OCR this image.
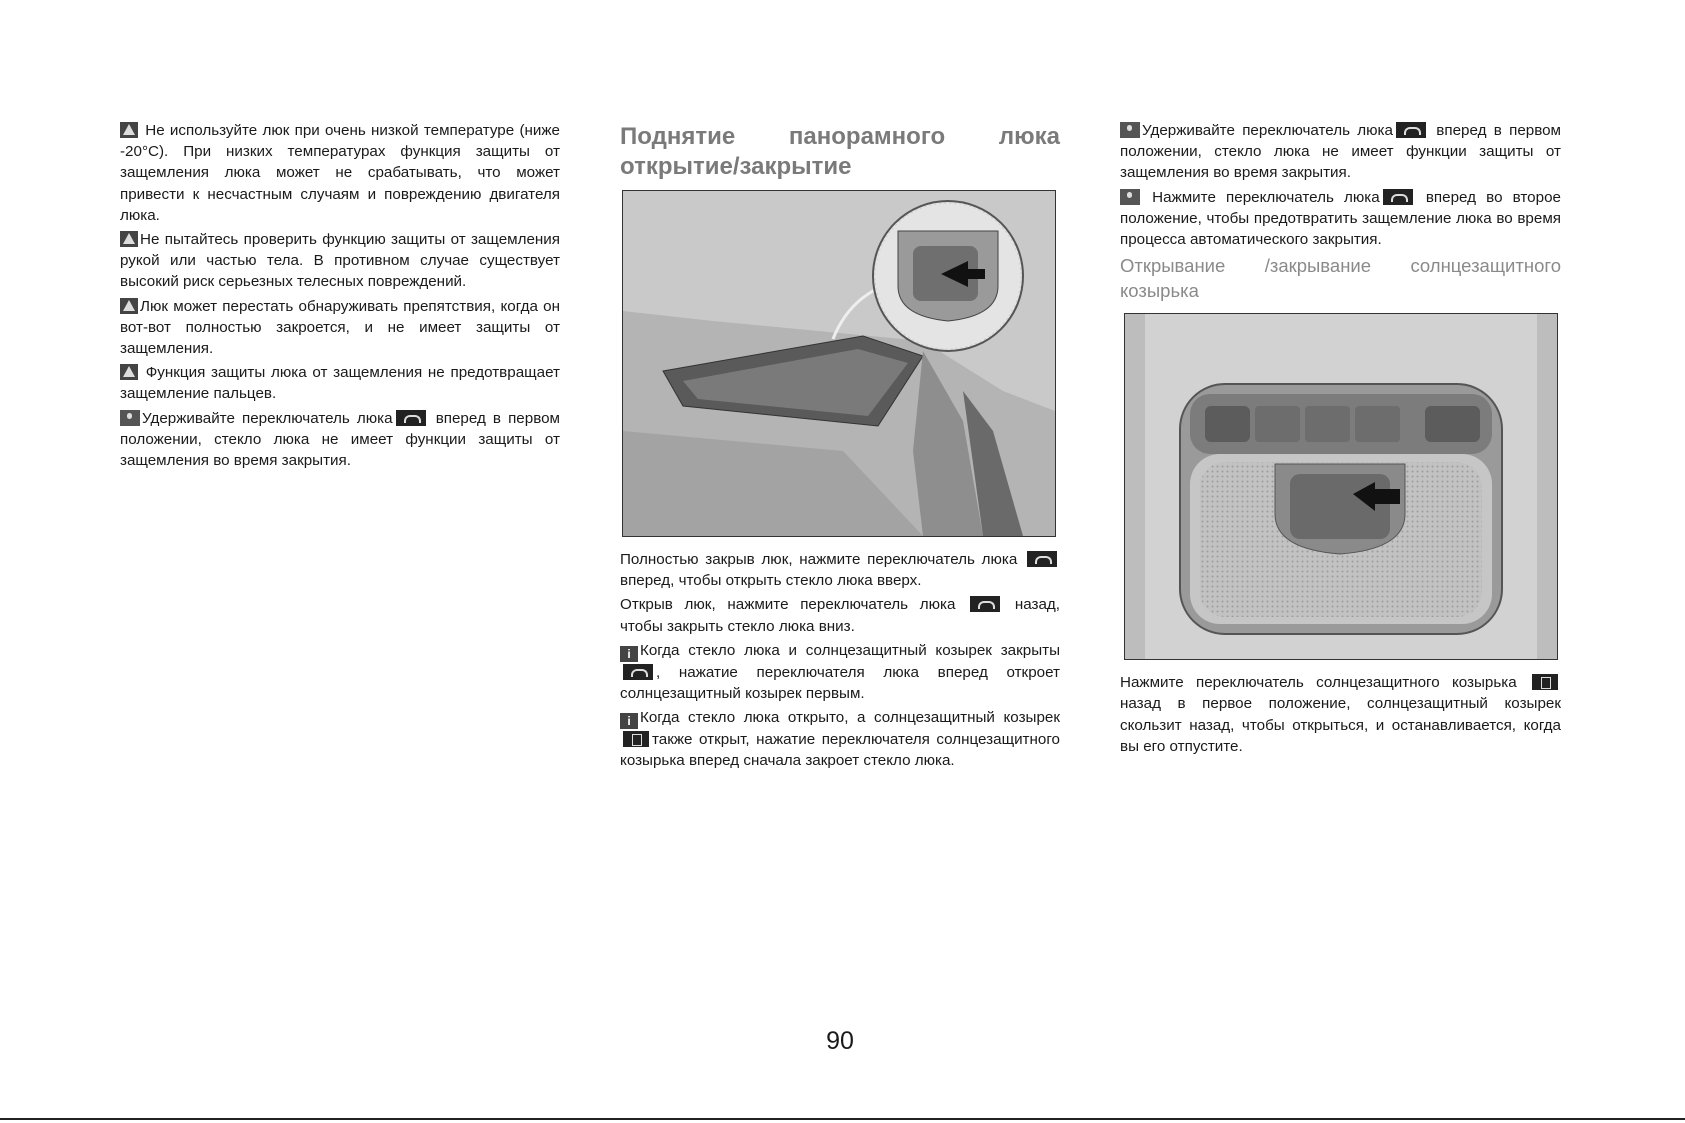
Не используйте люк при очень низкой температуре (ниже -20°C). При низких температурах функция защиты от защемления люка может не срабатывать, что может привести к несчастным случаям и повреждению двигателя люка.

Не пытайтесь проверить функцию защиты от защемления рукой или частью тела. В противном случае существует высокий риск серьезных телесных повреждений.

Люк может перестать обнаруживать препятствия, когда он вот-вот полностью закроется, и не имеет защиты от защемления.

Функция защиты люка от защемления не предотвращает защемление пальцев.

Удерживайте переключатель люка	вперед в первом положении, стекло люка не имеет функции защиты от защемления во время закрытия.

Поднятие панорамного люка открытие/закрытие

Полностью закрыв люк, нажмите переключатель люка  вперед, чтобы открыть стекло люка вверх.

Открыв люк, нажмите переключатель люка	назад, чтобы закрыть стекло люка вниз.

i Когда стекло люка и солнцезащитный козырек закрыты, нажатие переключателя люка вперед откроет солнцезащитный козырек первым.

i Когда стекло люка открыто, а солнцезащитный козырек также открыт, нажатие переключателя солнцезащитного козырька вперед сначала закроет стекло люка.

Удерживайте переключатель люка	вперед в первом положении, стекло люка не имеет функции защиты от защемления во время закрытия.

Нажмите переключатель люка	вперед во второе положение, чтобы предотвратить защемление люка во время процесса автоматического закрытия.

Открывание /закрывание солнцезащитного козырька

Нажмите переключатель солнцезащитного козырька  назад в первое положение, солнцезащитный козырек скользит назад, чтобы открыться, и останавливается, когда вы его отпустите.

90
